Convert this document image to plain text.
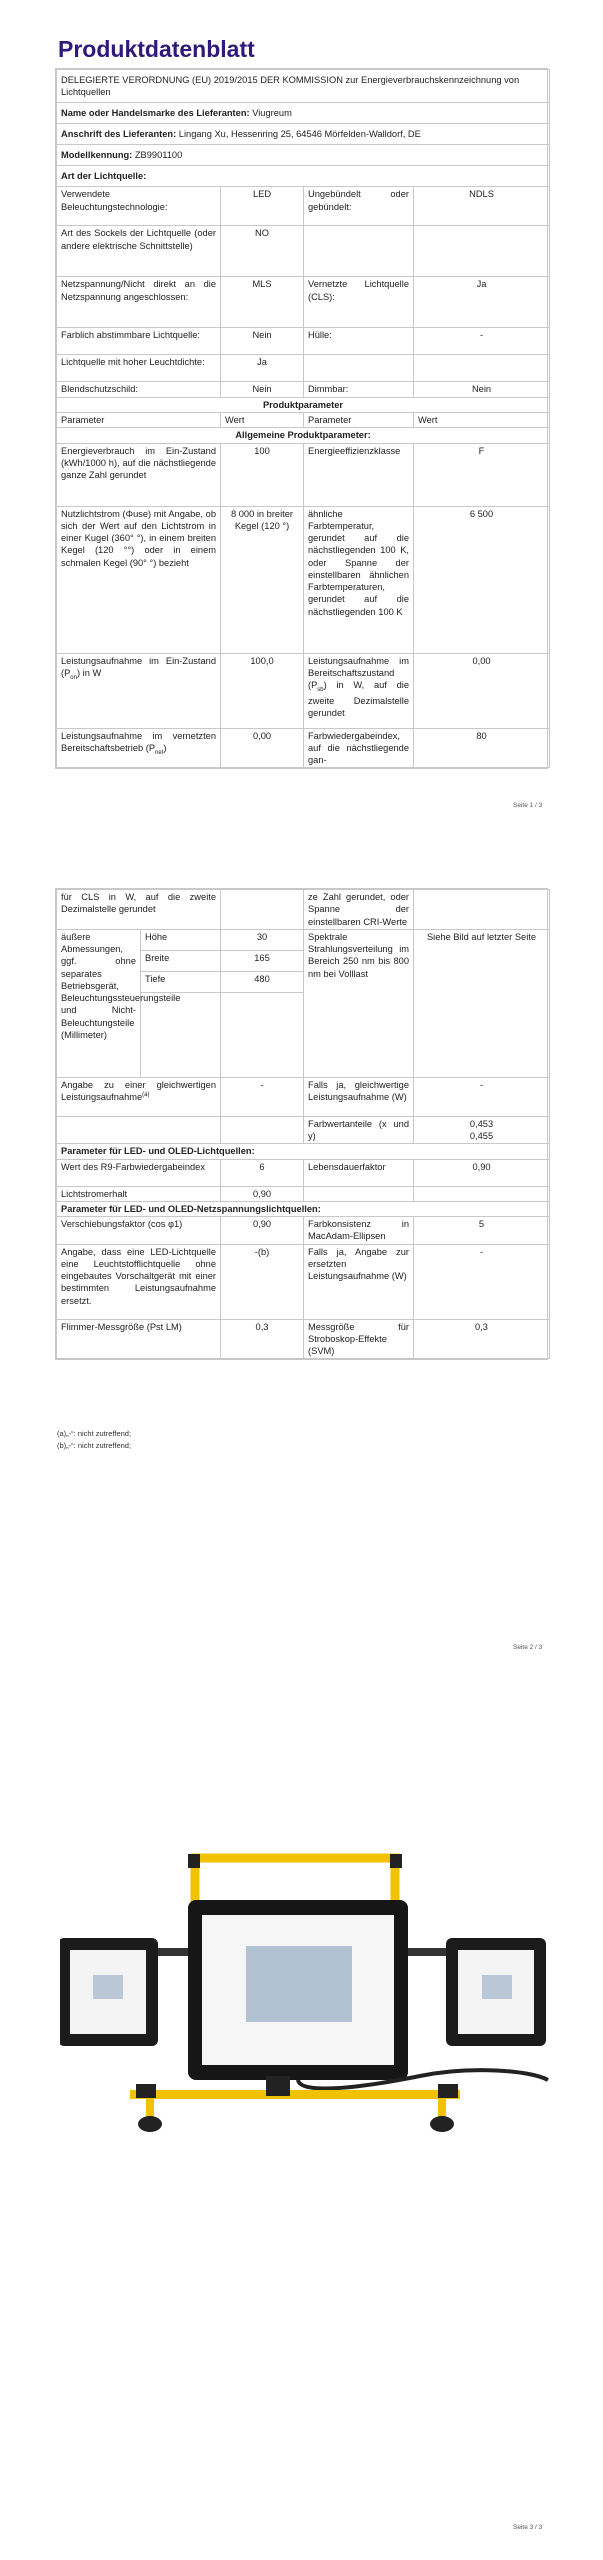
Produktdatenblatt
DELEGIERTE VERORDNUNG (EU) 2019/2015 DER KOMMISSION zur Energieverbrauchskennzeichnung von Lichtquellen			
Name oder Handelsmarke des Lieferanten: Viugreum			
Anschrift des Lieferanten: Lingang Xu, Hessenring 25, 64546 Mörfelden-Walldorf, DE			
Modellkennung: ZB9901100			
Art der Lichtquelle:			
Verwendete Beleuchtungstechnologie:	LED	Ungebündelt oder gebündelt:	NDLS
Art des Sockels der Lichtquelle (oder andere elektrische Schnittstelle)	NO		
Netzspannung/Nicht direkt an die Netzspannung angeschlossen:	MLS	Vernetzte Lichtquelle (CLS):	Ja
Farblich abstimmbare Lichtquelle:	Nein	Hülle:	-
Lichtquelle mit hoher Leuchtdichte:	Ja		
Blendschutzschild:	Nein	Dimmbar:	Nein
Produktparameter			
Parameter	Wert	Parameter	Wert
Allgemeine Produktparameter:			
Energieverbrauch im Ein-Zustand (kWh/1000 h), auf die nächstliegende ganze Zahl gerundet	100	Energieeffizienzklasse	F
Nutzlichtstrom (Φuse) mit Angabe, ob sich der Wert auf den Lichtstrom in einer Kugel (360° °), in einem breiten Kegel (120 °°) oder in einem schmalen Kegel (90° °) bezieht	8 000 in breiter Kegel (120 °)	ähnliche Farbtemperatur, gerundet auf die nächstliegenden 100 K, oder Spanne der einstellbaren ähnlichen Farbtemperaturen, gerundet auf die nächstliegenden 100 K	6 500
Leistungsaufnahme im Ein-Zustand $(P_{on})$ in W	100,0	Leistungsaufnahme im Bereitschaftszustand $(P_{sb})$ in W, auf die zweite Dezimalstelle gerundet	0,00
Leistungsaufnahme im vernetzten Bereitschaftsbetrieb $(P_{net})$	0,00	Farbwiedergabeindex, auf die nächstliegende gan-	80
Seite 1 / 3
für CLS in W, auf die zweite Dezimalstelle gerundet			ze Zahl gerundet, oder Spanne der einstellbaren CRI-Werte	
äußere Abmessungen, ggf. ohne separates Betriebsgerät, Beleuchtungssteuerungsteile und Nicht-Beleuchtungsteile (Millimeter)	Höhe	30	Spektrale Strahlungsverteilung im Bereich 250 nm bis 800 nm bei Volllast	Siehe Bild auf letzter Seite
	Breite	165		
	Tiefe	480		

Angabe zu einer gleichwertigen Leistungsaufnahme$^{(a)}$		-	Falls ja, gleichwertige Leistungsaufnahme (W)	-
			Farbwertanteile (x und y)	0,453
0,455

Parameter für LED- und OLED-Lichtquellen:				
Wert des R9-Farbwiedergabeindex		6	Lebensdauerfaktor	0,90
Lichtstromerhalt		0,90		
Parameter für LED- und OLED-Netzspannungslichtquellen:				
Verschiebungsfaktor (cos φ1)		0,90	Farbkonsistenz in MacAdam-Ellipsen	5
Angabe, dass eine LED-Lichtquelle eine Leuchtstofflichtquelle ohne eingebautes Vorschaltgerät mit einer bestimmten Leistungsaufnahme ersetzt.		-(b)	Falls ja, Angabe zur ersetzten Leistungsaufnahme (W)	-
Flimmer-Messgröße (Pst LM)		0,3	Messgröße für Stroboskop-Effekte (SVM)	0,3
(a)„-“: nicht zutreffend;
(b)„-“: nicht zutreffend;
Seite 2 / 3
Seite 3 / 3
